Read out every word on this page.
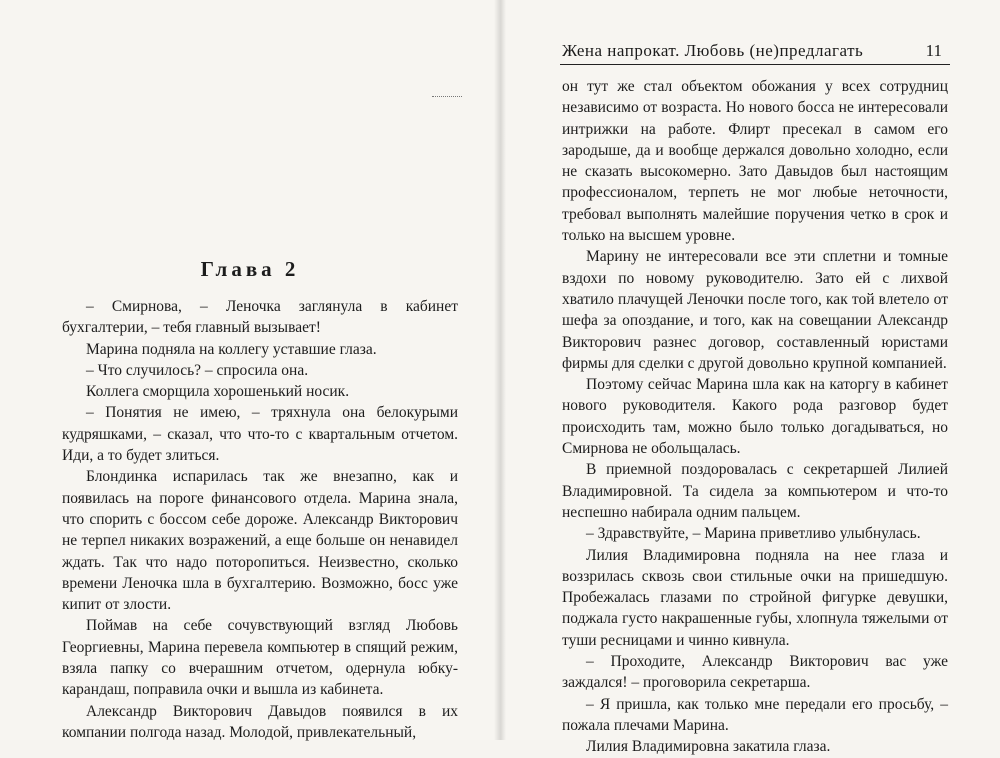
Жена напрокат. Любовь (не)предлагать	11
Глава 2

– Смирнова, – Леночка заглянула в кабинет бухгалтерии, – тебя главный вызывает!

Марина подняла на коллегу уставшие глаза.

– Что случилось? – спросила она.

Коллега сморщила хорошенький носик.

– Понятия не имею, – тряхнула она белокурыми кудряшками, – сказал, что что-то с квартальным отчетом. Иди, а то будет злиться.

Блондинка испарилась так же внезапно, как и появилась на пороге финансового отдела. Марина знала, что спорить с боссом себе дороже. Александр Викторович не терпел никаких возражений, а еще больше он ненавидел ждать. Так что надо поторопиться. Неизвестно, сколько времени Леночка шла в бухгалтерию. Возможно, босс уже кипит от злости.

Поймав на себе сочувствующий взгляд Любовь Георгиевны, Марина перевела компьютер в спящий режим, взяла папку со вчерашним отчетом, одернула юбку-карандаш, поправила очки и вышла из кабинета.

Александр Викторович Давыдов появился в их компании полгода назад. Молодой, привлекательный,

он тут же стал объектом обожания у всех сотрудниц независимо от возраста. Но нового босса не интересовали интрижки на работе. Флирт пресекал в самом его зародыше, да и вообще держался довольно холодно, если не сказать высокомерно. Зато Давыдов был настоящим профессионалом, терпеть не мог любые неточности, требовал выполнять малейшие поручения четко в срок и только на высшем уровне.

Марину не интересовали все эти сплетни и томные вздохи по новому руководителю. Зато ей с лихвой хватило плачущей Леночки после того, как той влетело от шефа за опоздание, и того, как на совещании Александр Викторович разнес договор, составленный юристами фирмы для сделки с другой довольно крупной компанией.

Поэтому сейчас Марина шла как на каторгу в кабинет нового руководителя. Какого рода разговор будет происходить там, можно было только догадываться, но Смирнова не обольщалась.

В приемной поздоровалась с секретаршей Лилией Владимировной. Та сидела за компьютером и что-то неспешно набирала одним пальцем.

– Здравствуйте, – Марина приветливо улыбнулась.

Лилия Владимировна подняла на нее глаза и воззрилась сквозь свои стильные очки на пришедшую. Пробежалась глазами по стройной фигурке девушки, поджала густо накрашенные губы, хлопнула тяжелыми от туши ресницами и чинно кивнула.

– Проходите, Александр Викторович вас уже заждался! – проговорила секретарша.

– Я пришла, как только мне передали его просьбу, – пожала плечами Марина.

Лилия Владимировна закатила глаза.
